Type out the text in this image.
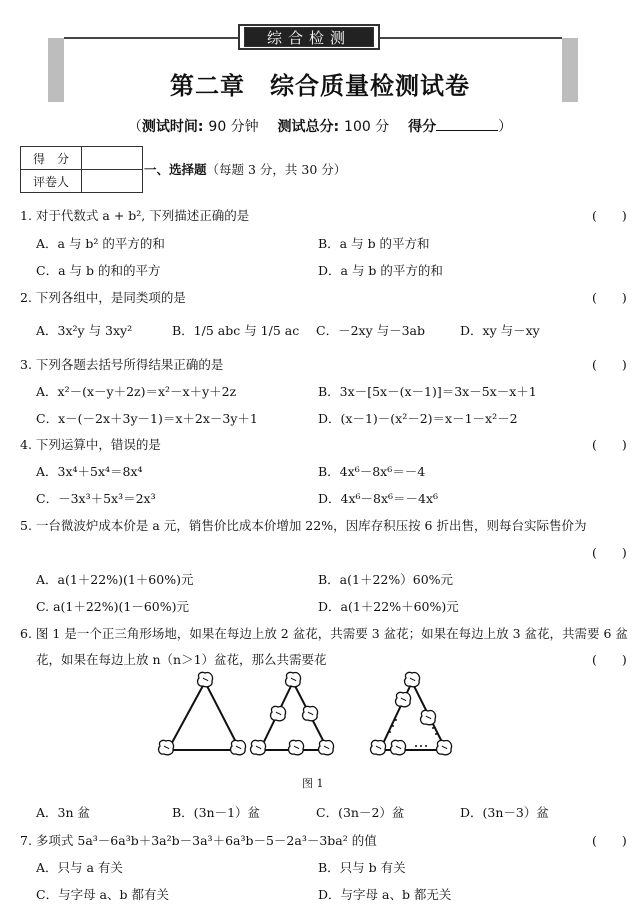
综合检测
第二章　综合质量检测试卷
（测试时间: 90 分钟　 测试总分: 100 分　 得分	）
得　分	
评卷人	
一、选择题（每题 3 分，共 30 分）
1. 对于代数式 a + b², 下列描述正确的是	(　　)
A．a 与 b² 的平方的和	B．a 与 b 的平方和
C．a 与 b 的和的平方	D．a 与 b 的平方的和
2. 下列各组中，是同类项的是	(　　)
A．3x²y 与 3xy²	B．1/5 abc 与 1/5 ac C．－2xy 与－3ab	D．xy 与－xy
3. 下列各题去括号所得结果正确的是	(　　)
A．x²－(x－y＋2z)＝x²－x＋y＋2z	B．3x－[5x－(x－1)]＝3x－5x－x＋1
C．x－(－2x＋3y－1)＝x＋2x－3y＋1	D．(x－1)－(x²－2)＝x－1－x²－2
4. 下列运算中，错误的是	(　　)
A．3x⁴＋5x⁴＝8x⁴	B．4x⁶－8x⁶＝－4
C．－3x³＋5x³＝2x³	D．4x⁶－8x⁶＝－4x⁶
5. 一台微波炉成本价是 a 元，销售价比成本价增加 22%，因库存积压按 6 折出售，则每台实际售价为
(　　)
A．a(1＋22%)(1＋60%)元	B．a(1＋22%）60%元
C. a(1＋22%)(1－60%)元	D．a(1＋22%＋60%)元
6. 图 1 是一个正三角形场地，如果在每边上放 2 盆花，共需要 3 盆花；如果在每边上放 3 盆花，共需要 6 盆
花，如果在每边上放 n（n＞1）盆花，那么共需要花	(　　)
图 1
A．3n 盆	B．(3n－1）盆	C．(3n－2）盆	D．(3n－3）盆
7. 多项式 5a³－6a³b＋3a²b－3a³＋6a³b－5－2a³－3ba² 的值	(　　)
A．只与 a 有关	B．只与 b 有关
C．与字母 a、b 都有关	D．与字母 a、b 都无关
